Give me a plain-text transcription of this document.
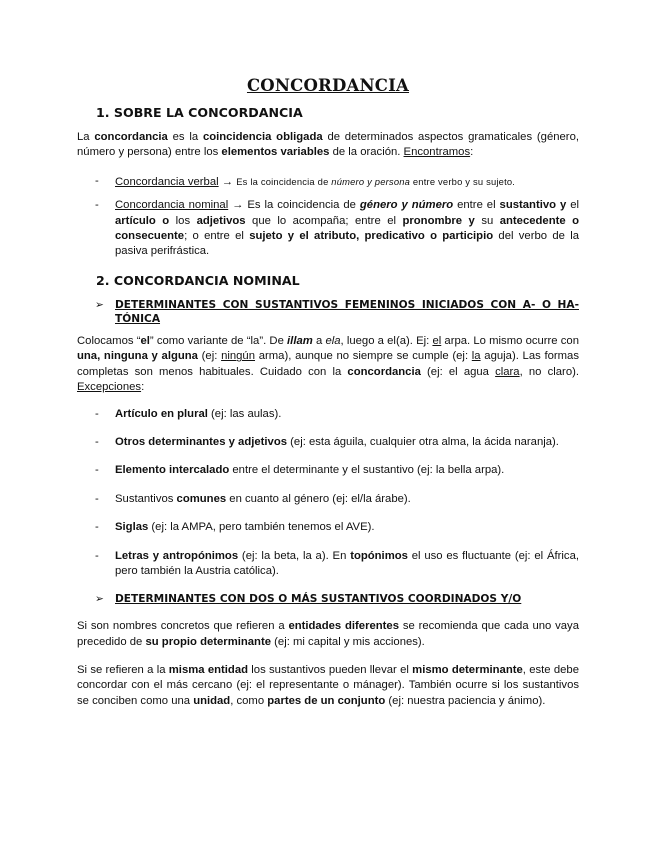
CONCORDANCIA
1. SOBRE LA CONCORDANCIA

La concordancia es la coincidencia obligada de determinados aspectos gramaticales (género, número y persona) entre los elementos variables de la oración. Encontramos:

- Concordancia verbal → Es la coincidencia de número y persona entre verbo y su sujeto.
- Concordancia nominal → Es la coincidencia de género y número entre el sustantivo y el artículo o los adjetivos que lo acompaña; entre el pronombre y su antecedente o consecuente; o entre el sujeto y el atributo, predicativo o participio del verbo de la pasiva perifrástica.
2. CONCORDANCIA NOMINAL
➢ DETERMINANTES CON SUSTANTIVOS FEMENINOS INICIADOS CON A- O HA-TÓNICA

Colocamos “el” como variante de “la”. De illam a ela, luego a el(a). Ej: el arpa. Lo mismo ocurre con una, ninguna y alguna (ej: ningún arma), aunque no siempre se cumple (ej: la aguja). Las formas completas son menos habituales. Cuidado con la concordancia (ej: el agua clara, no claro). Excepciones:

- Artículo en plural (ej: las aulas).
- Otros determinantes y adjetivos (ej: esta águila, cualquier otra alma, la ácida naranja).
- Elemento intercalado entre el determinante y el sustantivo (ej: la bella arpa).
- Sustantivos comunes en cuanto al género (ej: el/la árabe).
- Siglas (ej: la AMPA, pero también tenemos el AVE).
- Letras y antropónimos (ej: la beta, la a). En topónimos el uso es fluctuante (ej: el África, pero también la Austria católica).
➢ DETERMINANTES CON DOS O MÁS SUSTANTIVOS COORDINADOS Y/O

Si son nombres concretos que refieren a entidades diferentes se recomienda que cada uno vaya precedido de su propio determinante (ej: mi capital y mis acciones).

Si se refieren a la misma entidad los sustantivos pueden llevar el mismo determinante, este debe concordar con el más cercano (ej: el representante o mánager). También ocurre si los sustantivos se conciben como una unidad, como partes de un conjunto (ej: nuestra paciencia y ánimo).
